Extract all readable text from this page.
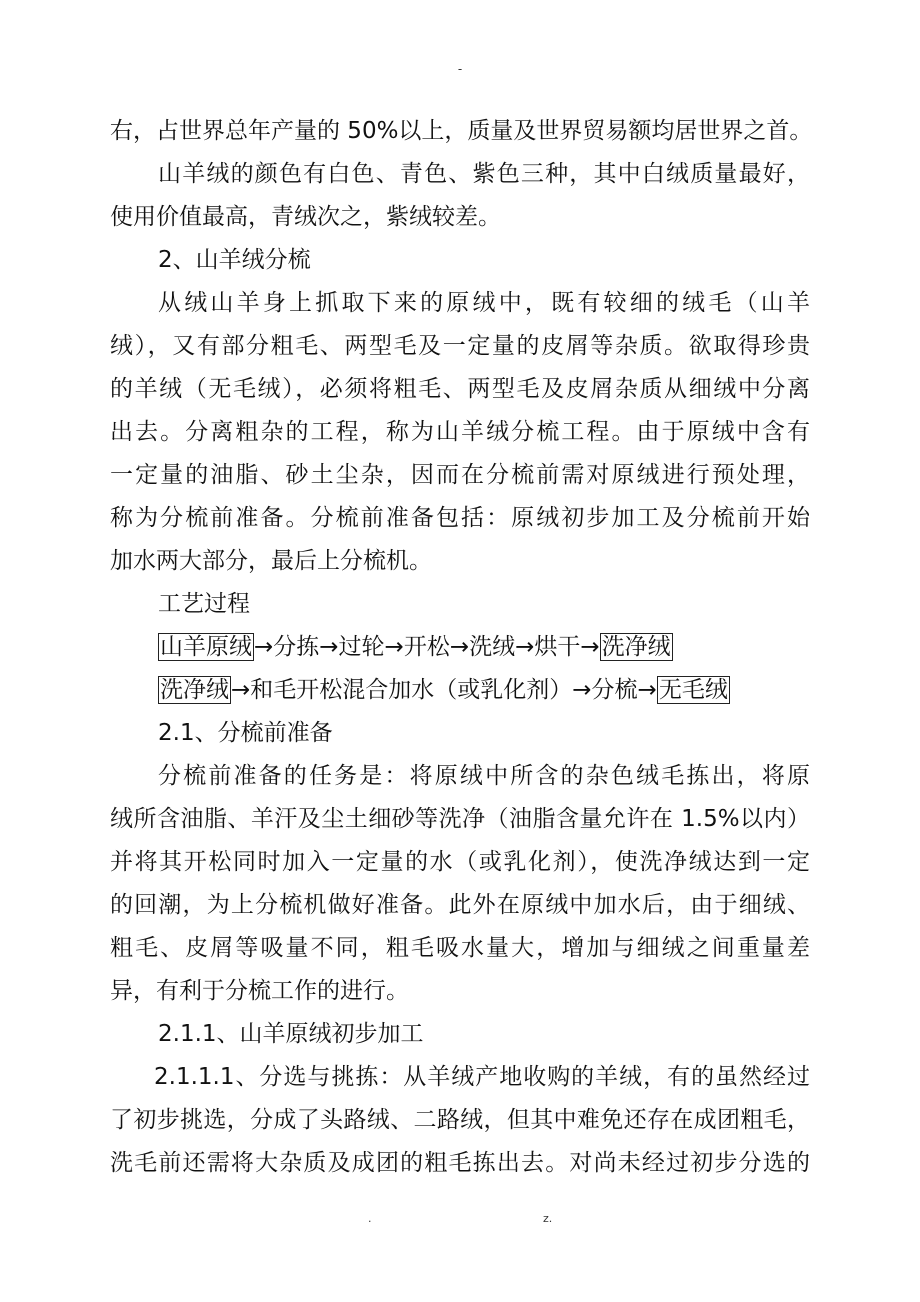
-

右，占世界总年产量的 50%以上，质量及世界贸易额均居世界之首。

山羊绒的颜色有白色、青色、紫色三种，其中白绒质量最好，

使用价值最高，青绒次之，紫绒较差。

2、山羊绒分梳

从绒山羊身上抓取下来的原绒中，既有较细的绒毛（山羊

绒），又有部分粗毛、两型毛及一定量的皮屑等杂质。欲取得珍贵

的羊绒（无毛绒），必须将粗毛、两型毛及皮屑杂质从细绒中分离

出去。分离粗杂的工程，称为山羊绒分梳工程。由于原绒中含有

一定量的油脂、砂土尘杂，因而在分梳前需对原绒进行预处理，

称为分梳前准备。分梳前准备包括：原绒初步加工及分梳前开始

加水两大部分，最后上分梳机。

工艺过程

山羊原绒→分拣→过轮→开松→洗绒→烘干→洗净绒
洗净绒→和毛开松混合加水（或乳化剂）→分梳→无毛绒

2.1、分梳前准备

分梳前准备的任务是：将原绒中所含的杂色绒毛拣出，将原

绒所含油脂、羊汗及尘土细砂等洗净（油脂含量允许在 1.5%以内）

并将其开松同时加入一定量的水（或乳化剂），使洗净绒达到一定

的回潮，为上分梳机做好准备。此外在原绒中加水后，由于细绒、

粗毛、皮屑等吸量不同，粗毛吸水量大，增加与细绒之间重量差

异，有利于分梳工作的进行。

2.1.1、山羊原绒初步加工

2.1.1.1、分选与挑拣：从羊绒产地收购的羊绒，有的虽然经过

了初步挑选，分成了头路绒、二路绒，但其中难免还存在成团粗毛，

洗毛前还需将大杂质及成团的粗毛拣出去。对尚未经过初步分选的

.	z.
